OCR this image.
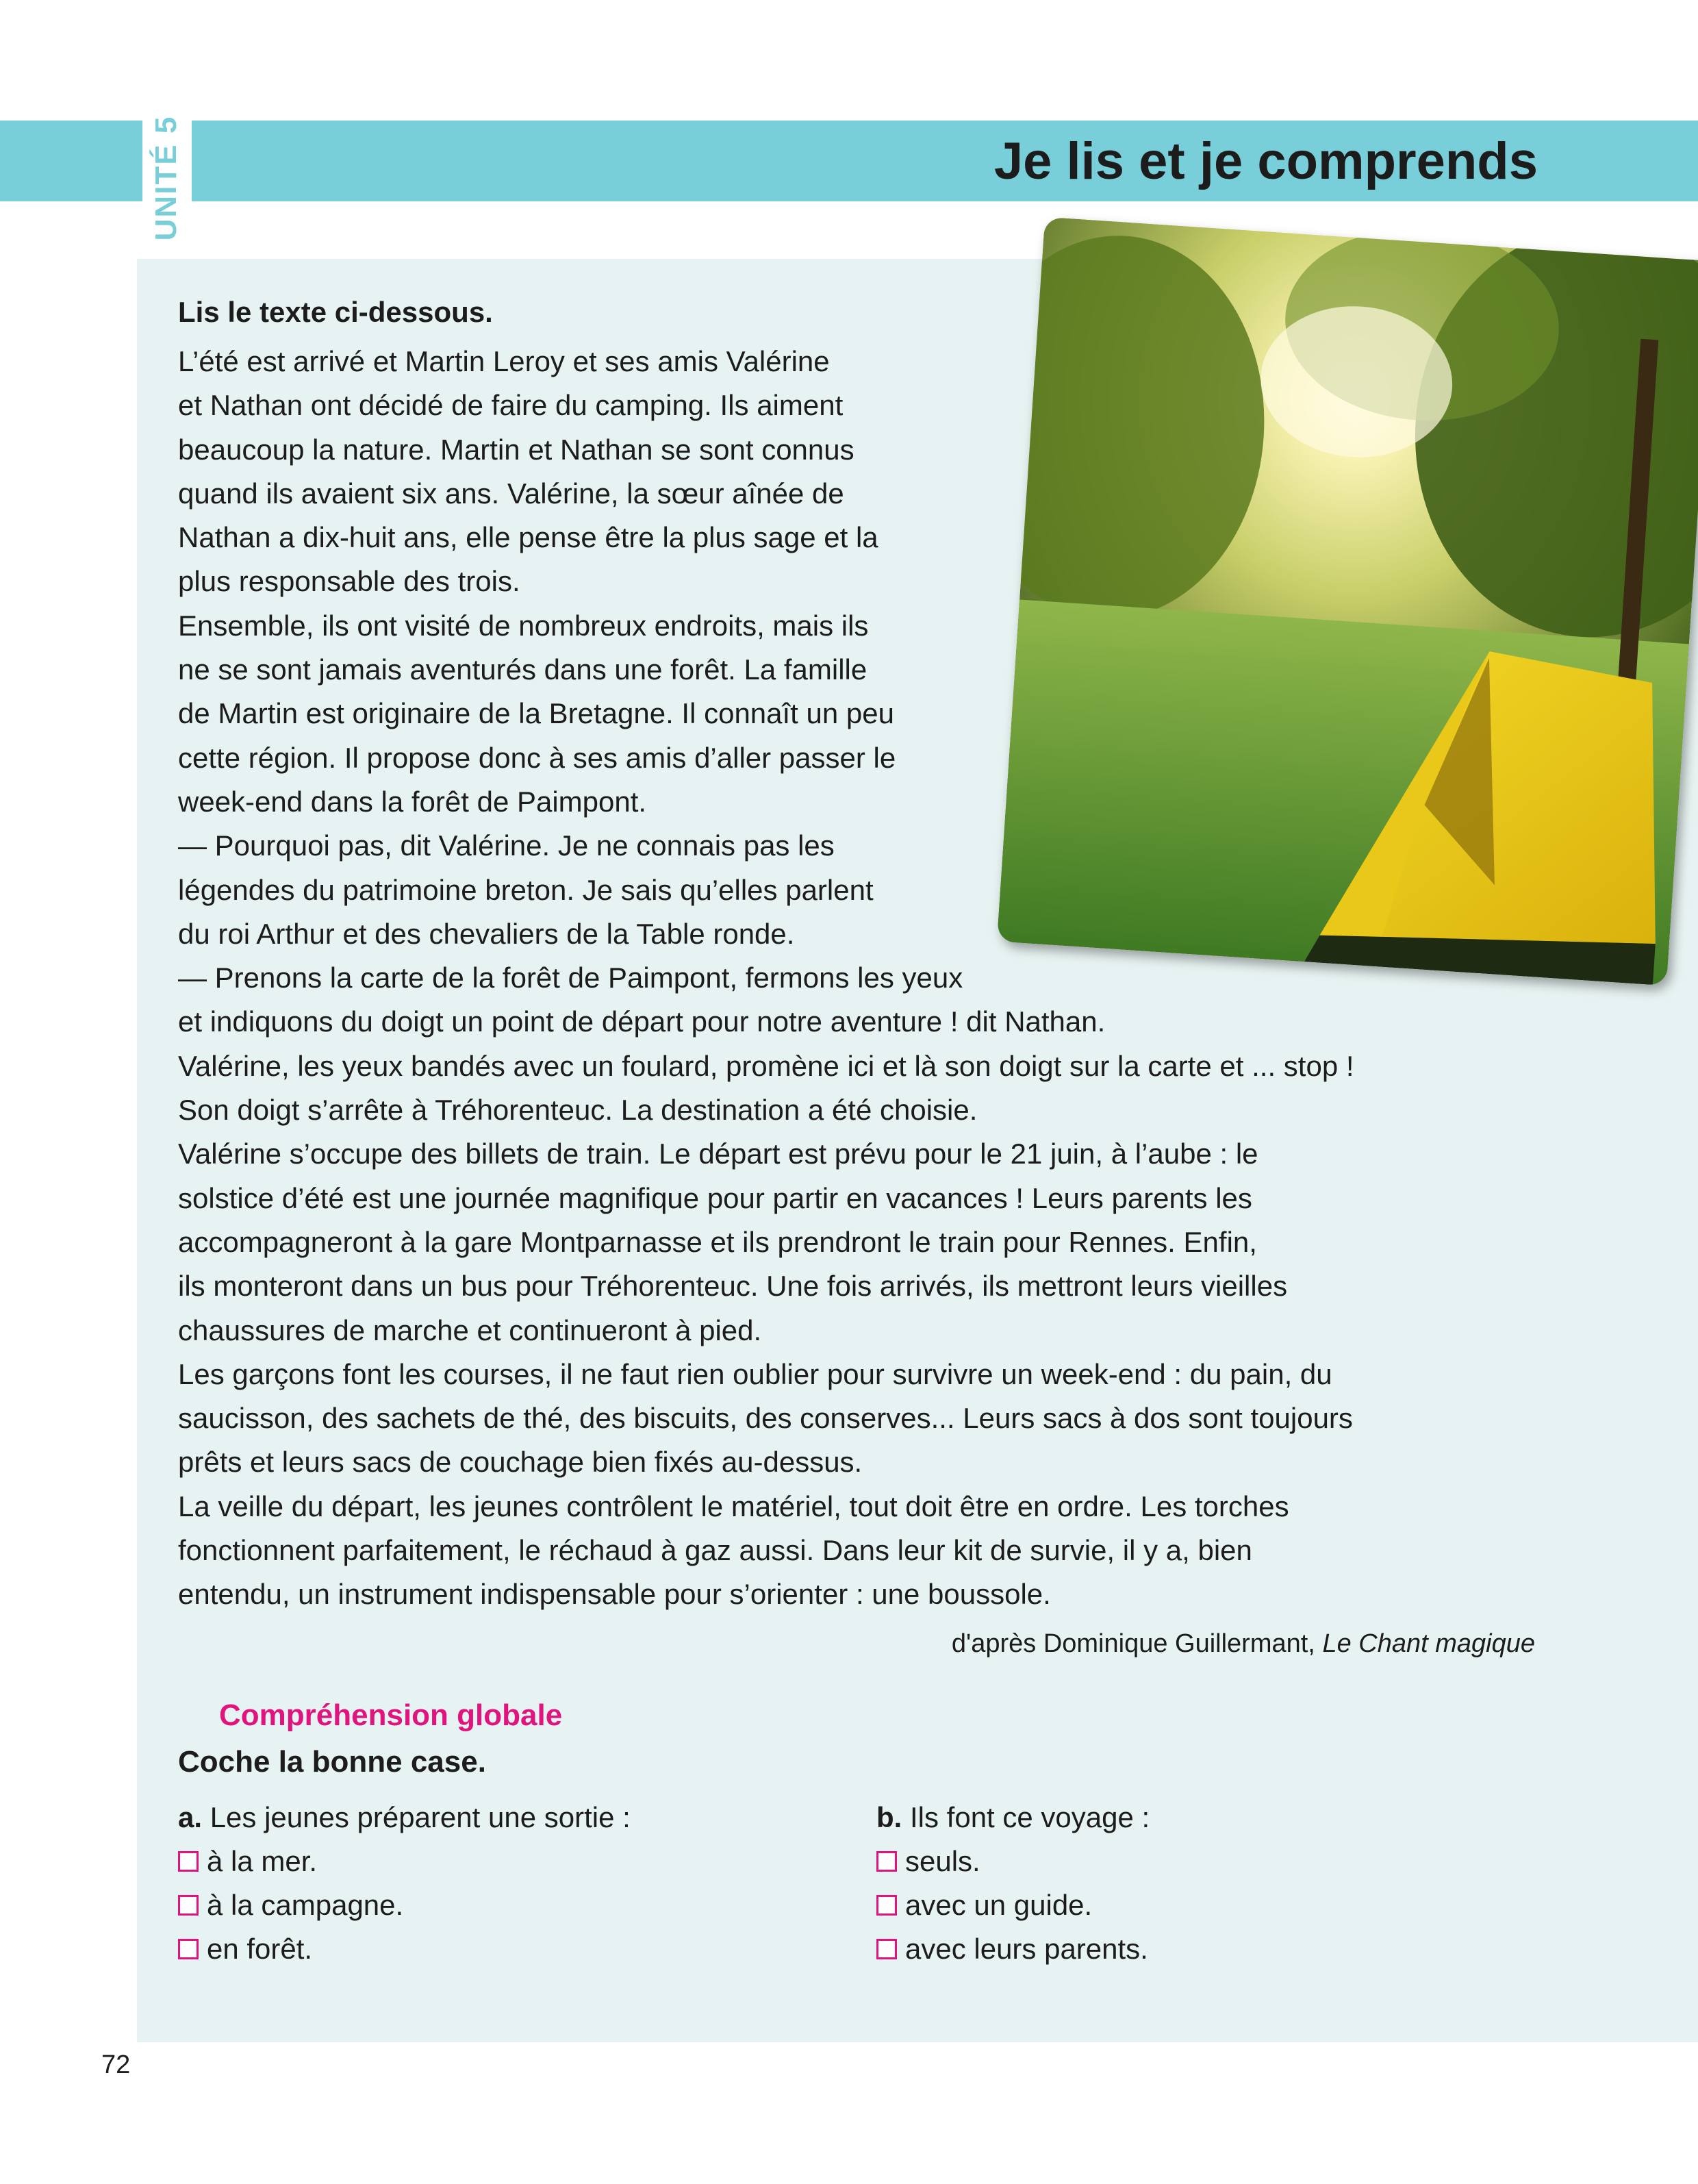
UNITÉ 5	Je lis et je comprends
Lis le texte ci-dessous.
L’été est arrivé et Martin Leroy et ses amis Valérine
et Nathan ont décidé de faire du camping. Ils aiment
beaucoup la nature. Martin et Nathan se sont connus
quand ils avaient six ans. Valérine, la sœur aînée de
Nathan a dix-huit ans, elle pense être la plus sage et la
plus responsable des trois.
Ensemble, ils ont visité de nombreux endroits, mais ils
ne se sont jamais aventurés dans une forêt. La famille
de Martin est originaire de la Bretagne. Il connaît un peu
cette région. Il propose donc à ses amis d’aller passer le
week-end dans la forêt de Paimpont.
— Pourquoi pas, dit Valérine. Je ne connais pas les
légendes du patrimoine breton. Je sais qu’elles parlent
du roi Arthur et des chevaliers de la Table ronde.
— Prenons la carte de la forêt de Paimpont, fermons les yeux
et indiquons du doigt un point de départ pour notre aventure ! dit Nathan.
Valérine, les yeux bandés avec un foulard, promène ici et là son doigt sur la carte et ... stop !
Son doigt s’arrête à Tréhorenteuc. La destination a été choisie.
Valérine s’occupe des billets de train. Le départ est prévu pour le 21 juin, à l’aube : le
solstice d’été est une journée magnifique pour partir en vacances ! Leurs parents les
accompagneront à la gare Montparnasse et ils prendront le train pour Rennes. Enfin,
ils monteront dans un bus pour Tréhorenteuc. Une fois arrivés, ils mettront leurs vieilles
chaussures de marche et continueront à pied.
Les garçons font les courses, il ne faut rien oublier pour survivre un week-end : du pain, du
saucisson, des sachets de thé, des biscuits, des conserves... Leurs sacs à dos sont toujours
prêts et leurs sacs de couchage bien fixés au-dessus.
La veille du départ, les jeunes contrôlent le matériel, tout doit être en ordre. Les torches
fonctionnent parfaitement, le réchaud à gaz aussi. Dans leur kit de survie, il y a, bien
entendu, un instrument indispensable pour s’orienter : une boussole.
d'après Dominique Guillermant, Le Chant magique
Compréhension globale
Coche la bonne case.
a. Les jeunes préparent une sortie :
à la mer.
à la campagne.
en forêt.
b. Ils font ce voyage :
seuls.
avec un guide.
avec leurs parents.
72
